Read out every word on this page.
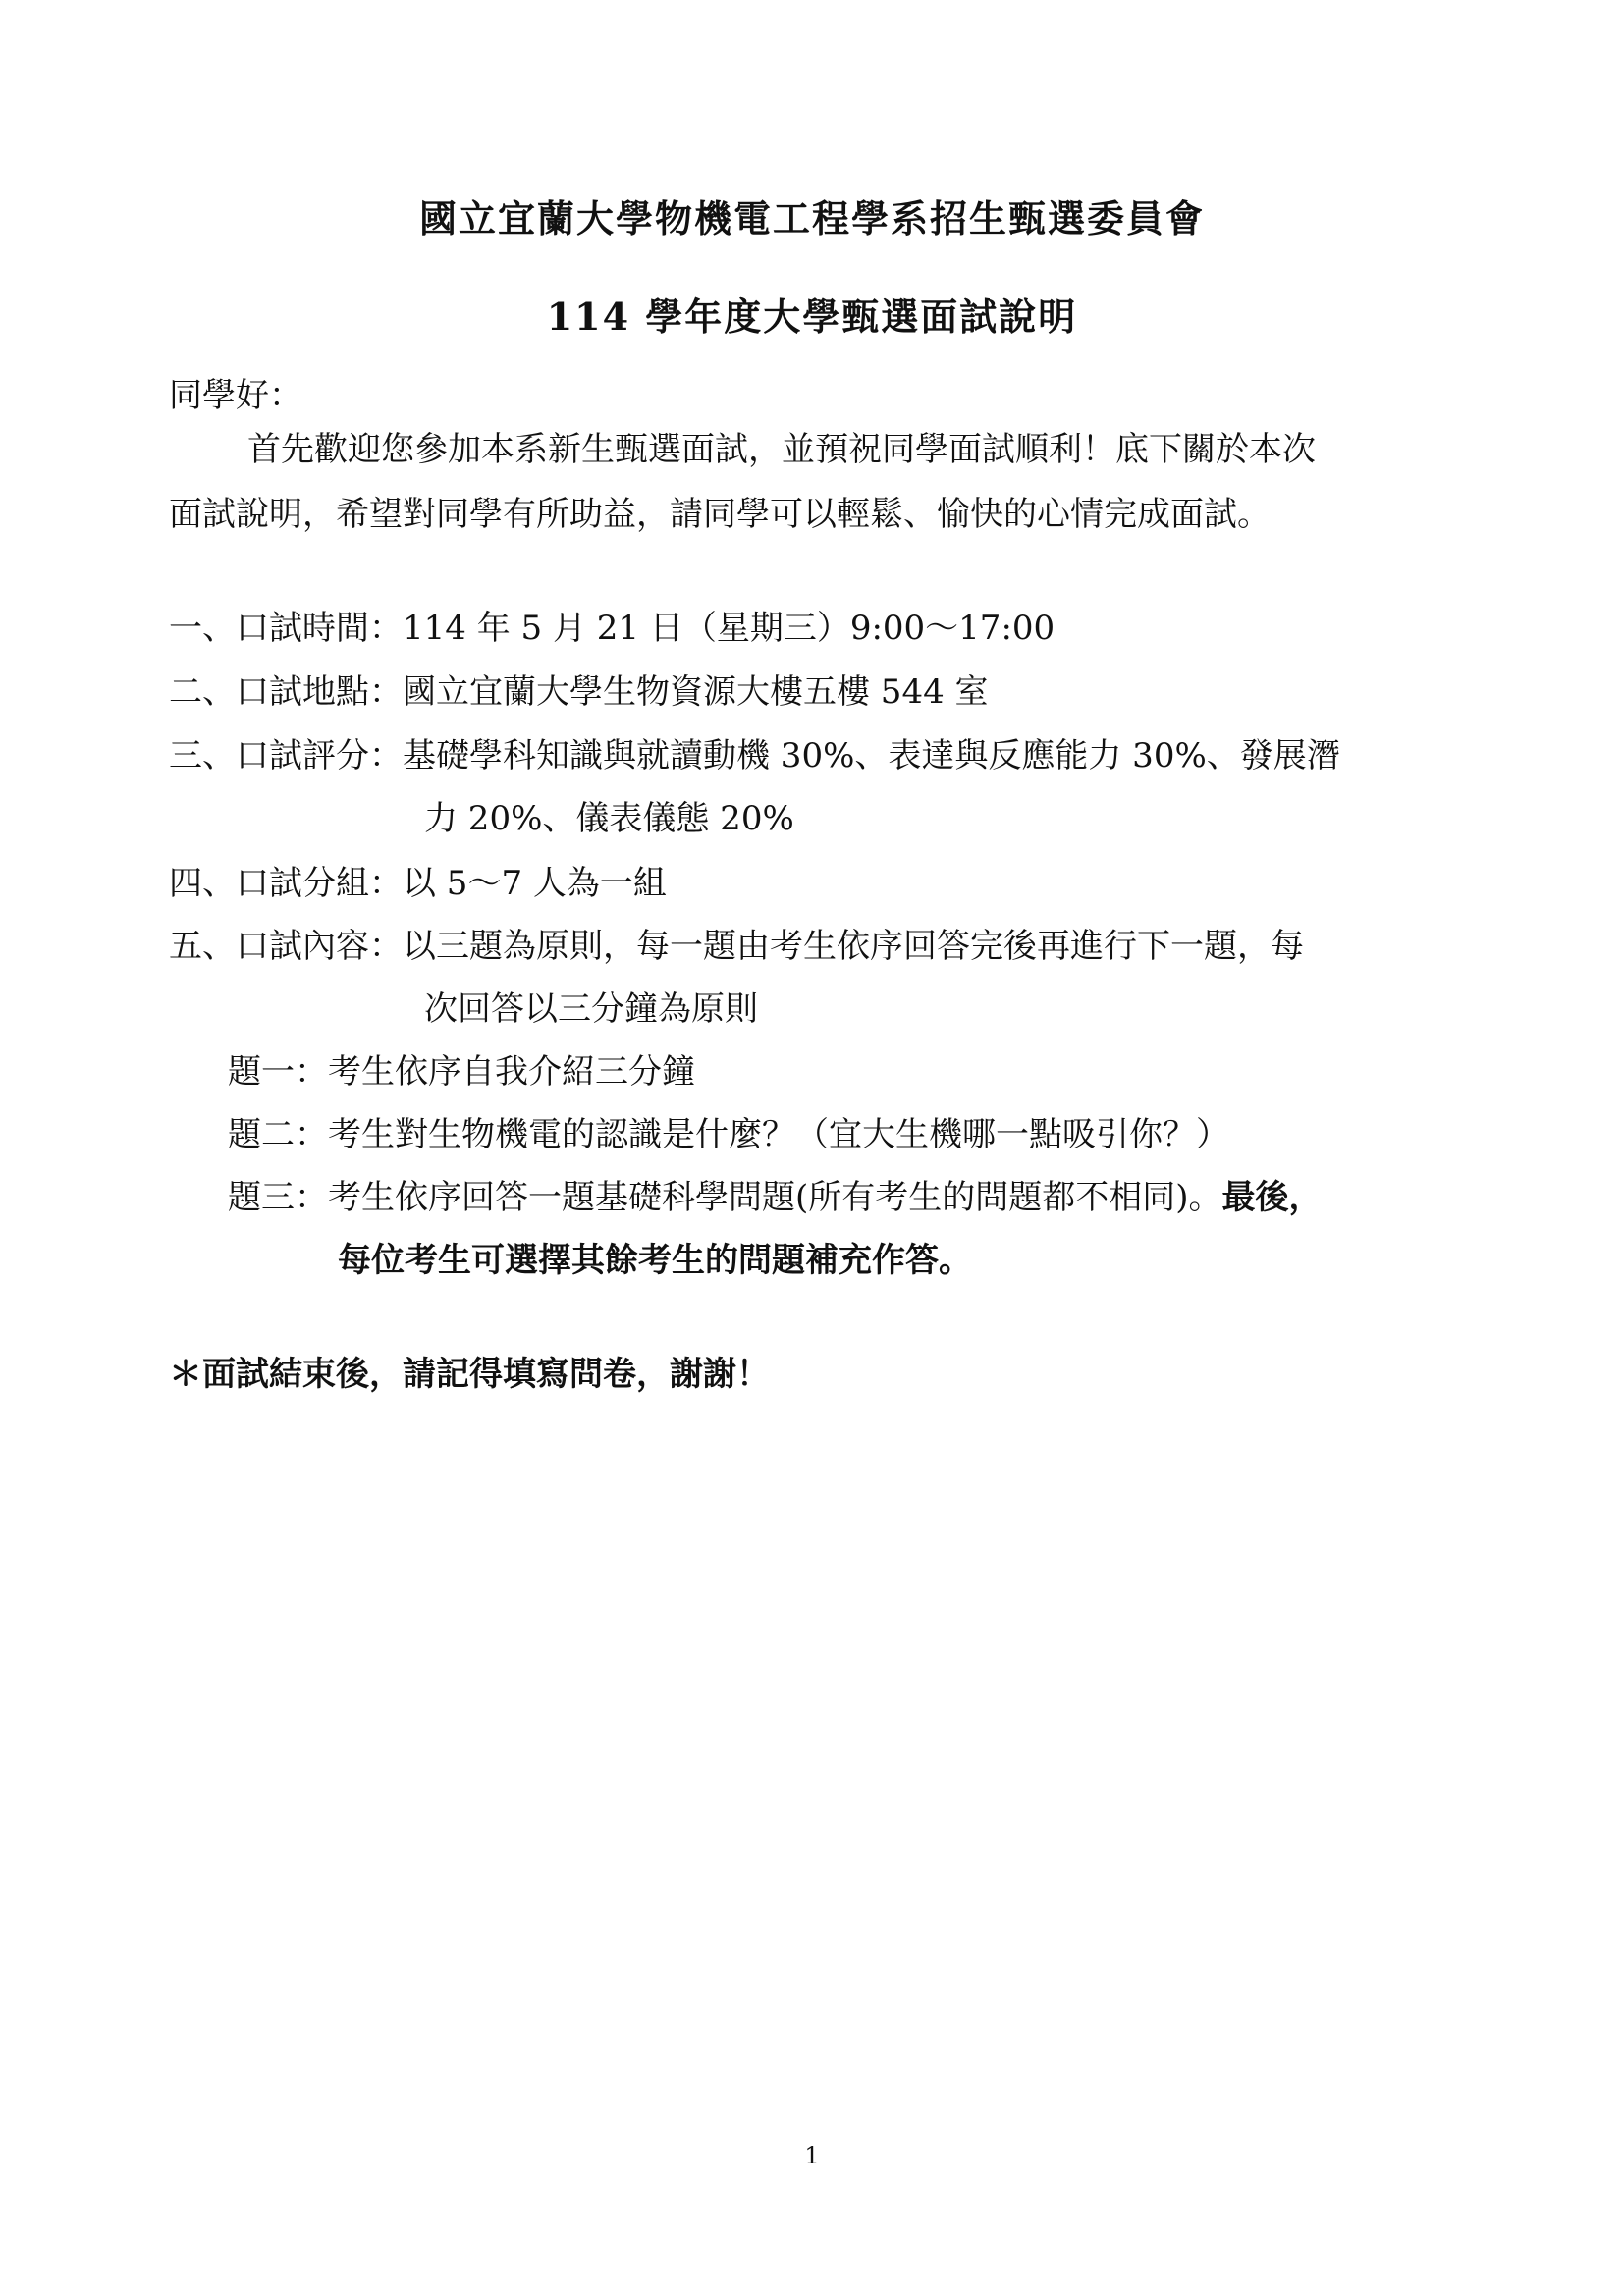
國立宜蘭大學物機電工程學系招生甄選委員會
114 學年度大學甄選面試說明
同學好：
首先歡迎您參加本系新生甄選面試，並預祝同學面試順利！底下關於本次
面試說明，希望對同學有所助益，請同學可以輕鬆、愉快的心情完成面試。
一、口試時間：114 年 5 月 21 日（星期三）9:00～17:00
二、口試地點：國立宜蘭大學生物資源大樓五樓 544 室
三、口試評分：基礎學科知識與就讀動機 30%、表達與反應能力 30%、發展潛
力 20%、儀表儀態 20%
四、口試分組：以 5～7 人為一組
五、口試內容：以三題為原則，每一題由考生依序回答完後再進行下一題，每
次回答以三分鐘為原則
題一：考生依序自我介紹三分鐘
題二：考生對生物機電的認識是什麼？（宜大生機哪一點吸引你？）
題三：考生依序回答一題基礎科學問題(所有考生的問題都不相同)。最後，
每位考生可選擇其餘考生的問題補充作答。
＊面試結束後，請記得填寫問卷，謝謝！
1
